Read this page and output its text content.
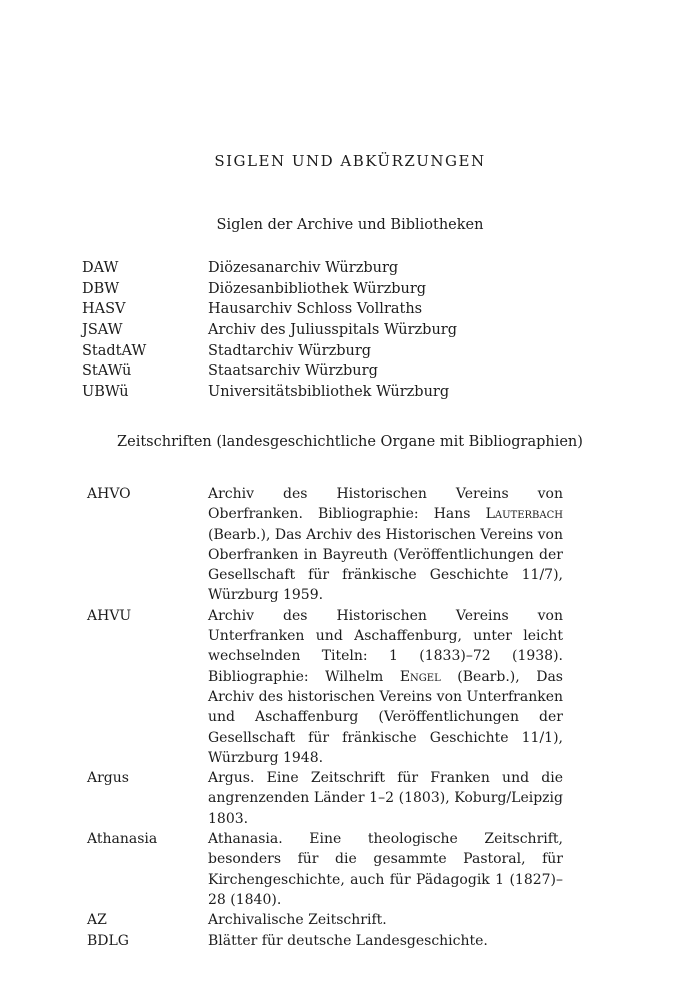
SIGLEN UND ABKÜRZUNGEN
Siglen der Archive und Bibliotheken
DAW	Diözesanarchiv Würzburg
DBW	Diözesanbibliothek Würzburg
HASV	Hausarchiv Schloss Vollraths
JSAW	Archiv des Juliusspitals Würzburg
StadtAW	Stadtarchiv Würzburg
StAWü	Staatsarchiv Würzburg
UBWü	Universitätsbibliothek Würzburg
Zeitschriften (landesgeschichtliche Organe mit Bibliographien)
AHVO	Archiv des Historischen Vereins von Oberfranken. Bibliographie: Hans Lauterbach (Bearb.), Das Archiv des Historischen Vereins von Oberfranken in Bayreuth (Veröffentlichungen der Gesellschaft für fränkische Geschichte 11/7), Würzburg 1959.
AHVU	Archiv des Historischen Vereins von Unterfranken und Aschaffenburg, unter leicht wechselnden Titeln: 1 (1833)–72 (1938). Bibliographie: Wilhelm Engel (Bearb.), Das Archiv des historischen Vereins von Unterfranken und Aschaffenburg (Veröffentlichungen der Gesellschaft für fränkische Geschichte 11/1), Würzburg 1948.
Argus	Argus. Eine Zeitschrift für Franken und die angrenzenden Länder 1–2 (1803), Koburg/Leipzig 1803.
Athanasia	Athanasia. Eine theologische Zeitschrift, besonders für die gesammte Pastoral, für Kirchengeschichte, auch für Pädagogik 1 (1827)–28 (1840).
AZ	Archivalische Zeitschrift.
BDLG	Blätter für deutsche Landesgeschichte.
